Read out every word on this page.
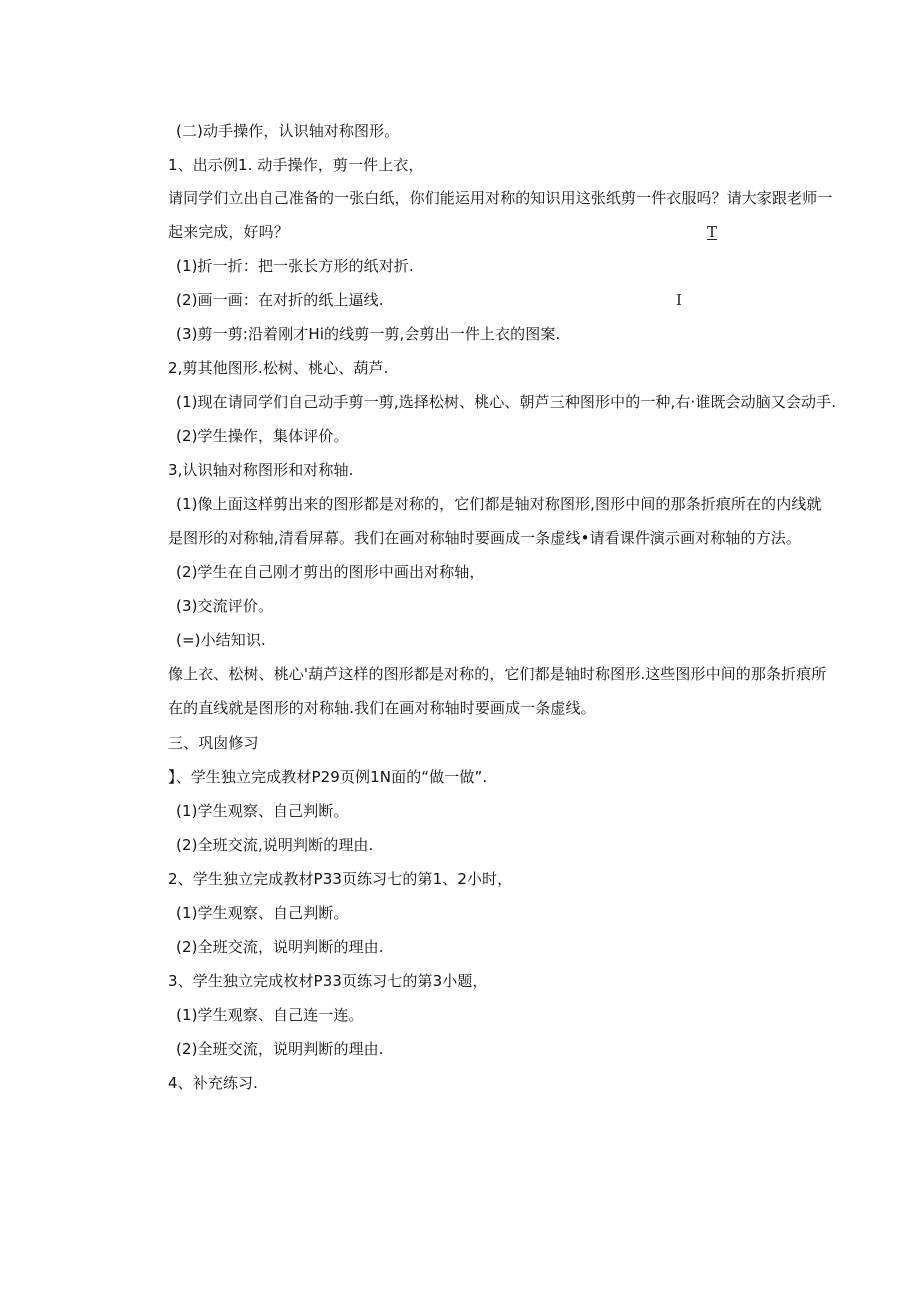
(二)动手操作，认识轴对称图形。
1、出示例1. 动手操作，剪一件上衣，
请同学们立出自己准备的一张白纸，你们能运用对称的知识用这张纸剪一件衣服吗？请大家跟老师一
起来完成，好吗？	T
(1)折一折：把一张长方形的纸对折.
(2)画一画：在对折的纸上逼线.	I
(3)剪一剪:沿着刚才Hi的线剪一剪,会剪出一件上衣的图案.
2,剪其他图形.松树、桃心、葫芦.
(1)现在请同学们自己动手剪一剪,选择松树、桃心、朝芦三种图形中的一种,右·谁既会动脑又会动手.
(2)学生操作，集体评价。
3,认识轴对称图形和对称轴.
(1)像上面这样剪出来的图形都是对称的，它们都是轴对称图形,图形中间的那条折痕所在的内线就
是图形的对称轴,清看屏幕。我们在画对称轴时要画成一条虚线•请看课件演示画对称轴的方法。
(2)学生在自己刚才剪出的图形中画出对称轴，
(3)交流评价。
(=)小结知识.
像上衣、松树、桃心'葫芦这样的图形都是对称的，它们都是轴时称图形.这些图形中间的那条折痕所
在的直线就是图形的对称轴.我们在画对称轴时要画成一条虚线。
三、巩囱修习
】、学生独立完成教材P29页例1N面的“做一做”.
(1)学生观察、自己判断。
(2)全班交流,说明判断的理由.
2、学生独立完成教材P33页练习七的第1、2小时，
(1)学生观察、自己判断。
(2)全班交流，说明判断的理由.
3、学生独立完成枚材P33页练习七的第3小题，
(1)学生观察、自己连一连。
(2)全班交流，说明判断的理由.
4、补充练习.
